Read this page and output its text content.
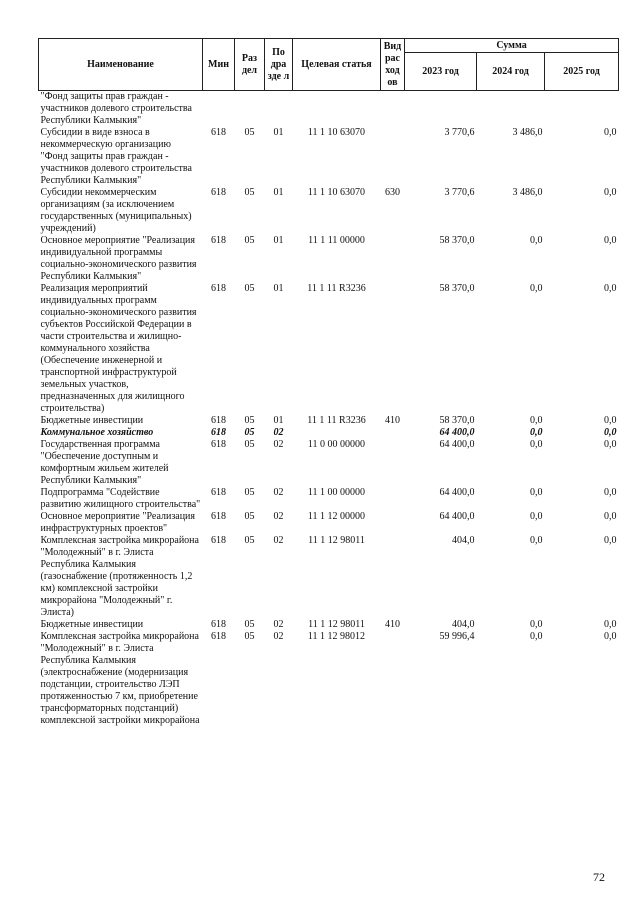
Наименование	Мин	Раз дел	По дра зде л	Целевая статья	Вид рас ход ов	Сумма		
						2023 год	2024 год	2025 год
"Фонд защиты прав граждан - участников долевого строительства Республики Калмыкия"								
Субсидии в виде взноса в некоммерческую организацию "Фонд защиты прав граждан - участников долевого строительства Республики Калмыкия"	618	05	01	11 1 10 63070		3 770,6	3 486,0	0,0
Субсидии некоммерческим организациям (за исключением государственных (муниципальных) учреждений)	618	05	01	11 1 10 63070	630	3 770,6	3 486,0	0,0
Основное мероприятие "Реализация индивидуальной программы социально-экономического развития Республики Калмыкия"	618	05	01	11 1 11 00000		58 370,0	0,0	0,0
Реализация мероприятий индивидуальных программ социально-экономического развития субъектов Российской Федерации в части строительства и жилищно-коммунального хозяйства (Обеспечение инженерной и транспортной инфраструктурой земельных участков, предназначенных для жилищного строительства)	618	05	01	11 1 11 R3236		58 370,0	0,0	0,0
Бюджетные инвестиции	618	05	01	11 1 11 R3236	410	58 370,0	0,0	0,0
Коммунальное хозяйство	618	05	02			64 400,0	0,0	0,0
Государственная программа "Обеспечение доступным и комфортным жильем жителей Республики Калмыкия"	618	05	02	11 0 00 00000		64 400,0	0,0	0,0
Подпрограмма "Содействие развитию жилищного строительства"	618	05	02	11 1 00 00000		64 400,0	0,0	0,0
Основное мероприятие "Реализация инфраструктурных проектов"	618	05	02	11 1 12 00000		64 400,0	0,0	0,0
Комплексная застройка микрорайона "Молодежный" в г. Элиста Республика Калмыкия (газоснабжение (протяженность 1,2 км) комплексной застройки микрорайона "Молодежный" г. Элиста)	618	05	02	11 1 12 98011		404,0	0,0	0,0
Бюджетные инвестиции	618	05	02	11 1 12 98011	410	404,0	0,0	0,0
Комплексная застройка микрорайона "Молодежный" в г. Элиста Республика Калмыкия (электроснабжение (модернизация подстанции, строительство ЛЭП протяженностью 7 км, приобретение трансформаторных подстанций) комплексной застройки микрорайона	618	05	02	11 1 12 98012		59 996,4	0,0	0,0
72
